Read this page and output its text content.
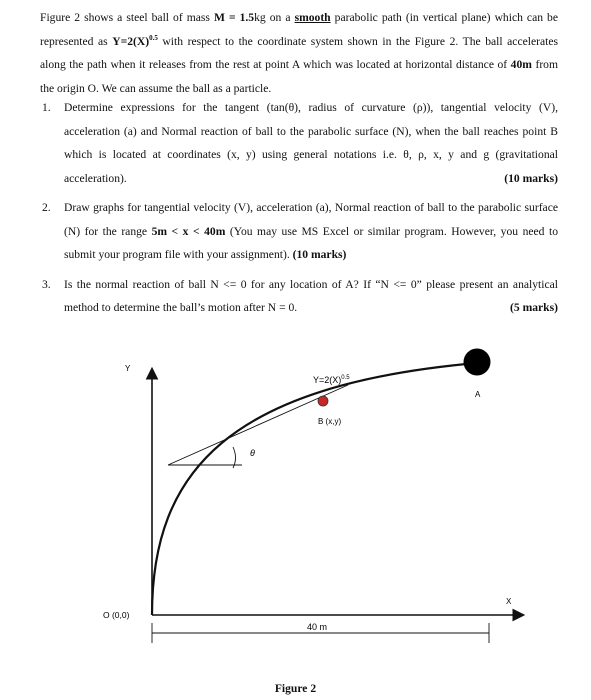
Figure 2 shows a steel ball of mass M = 1.5kg on a smooth parabolic path (in vertical plane) which can be represented as $Y=2(X)^{0.5}$ with respect to the coordinate system shown in the Figure 2. The ball accelerates along the path when it releases from the rest at point A which was located at horizontal distance of 40m from the origin O. We can assume the ball as a particle.
1. Determine expressions for the tangent (tan(θ), radius of curvature (ρ)), tangential velocity (V), acceleration (a) and Normal reaction of ball to the parabolic surface (N), when the ball reaches point B which is located at coordinates (x, y) using general notations i.e. θ, ρ, x, y and g (gravitational acceleration).	(10 marks)
2. Draw graphs for tangential velocity (V), acceleration (a), Normal reaction of ball to the parabolic surface (N) for the range 5m < x < 40m (You may use MS Excel or similar program. However, you need to submit your program file with your assignment). (10 marks)
3. Is the normal reaction of ball N <= 0 for any location of A? If “N <= 0” please present an analytical method to determine the ball’s motion after N = 0.	(5 marks)
Y
X
$Y=2(X)^{0.5}$
A
B (x,y)
θ
O (0,0)
40 m
Figure 2
